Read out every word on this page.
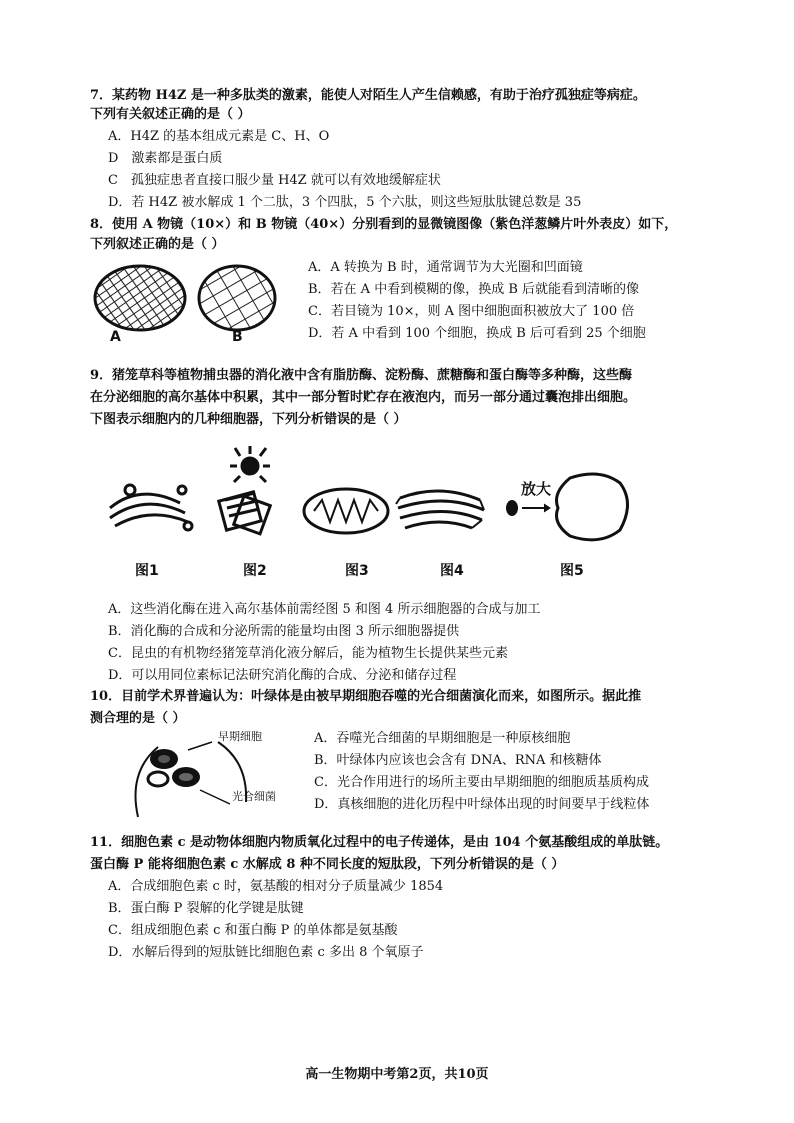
7．某药物 H4Z 是一种多肽类的激素，能使人对陌生人产生信赖感，有助于治疗孤独症等病症。
下列有关叙述正确的是（ ）
A．H4Z 的基本组成元素是 C、H、O
D　激素都是蛋白质
C　孤独症患者直接口服少量 H4Z 就可以有效地缓解症状
D．若 H4Z 被水解成 1 个二肽，3 个四肽，5 个六肽，则这些短肽肽键总数是 35
8．使用 A 物镜（10×）和 B 物镜（40×）分别看到的显微镜图像（紫色洋葱鳞片叶外表皮）如下，
下列叙述正确的是（ ）
A	B
A．A 转换为 B 时，通常调节为大光圈和凹面镜
B．若在 A 中看到模糊的像，换成 B 后就能看到清晰的像
C．若目镜为 10×，则 A 图中细胞面积被放大了 100 倍
D．若 A 中看到 100 个细胞，换成 B 后可看到 25 个细胞
9．猪笼草科等植物捕虫器的消化液中含有脂肪酶、淀粉酶、蔗糖酶和蛋白酶等多种酶，这些酶
在分泌细胞的高尔基体中积累，其中一部分暂时贮存在液泡内，而另一部分通过囊泡排出细胞。
下图表示细胞内的几种细胞器，下列分析错误的是（ ）
放大
图1	图2	图3	图4	图5
A．这些消化酶在进入高尔基体前需经图 5 和图 4 所示细胞器的合成与加工
B．消化酶的合成和分泌所需的能量均由图 3 所示细胞器提供
C．昆虫的有机物经猪笼草消化液分解后，能为植物生长提供某些元素
D．可以用同位素标记法研究消化酶的合成、分泌和储存过程
10．目前学术界普遍认为：叶绿体是由被早期细胞吞噬的光合细菌演化而来，如图所示。据此推
测合理的是（ ）
早期细胞
光合细菌
A．吞噬光合细菌的早期细胞是一种原核细胞
B．叶绿体内应该也会含有 DNA、RNA 和核糖体
C．光合作用进行的场所主要由早期细胞的细胞质基质构成
D．真核细胞的进化历程中叶绿体出现的时间要早于线粒体
11．细胞色素 c 是动物体细胞内物质氧化过程中的电子传递体，是由 104 个氨基酸组成的单肽链。
蛋白酶 P 能将细胞色素 c 水解成 8 种不同长度的短肽段，下列分析错误的是（ ）
A．合成细胞色素 c 时，氨基酸的相对分子质量减少 1854
B．蛋白酶 P 裂解的化学键是肽键
C．组成细胞色素 c 和蛋白酶 P 的单体都是氨基酸
D．水解后得到的短肽链比细胞色素 c 多出 8 个氧原子
高一生物期中考第2页，共10页
